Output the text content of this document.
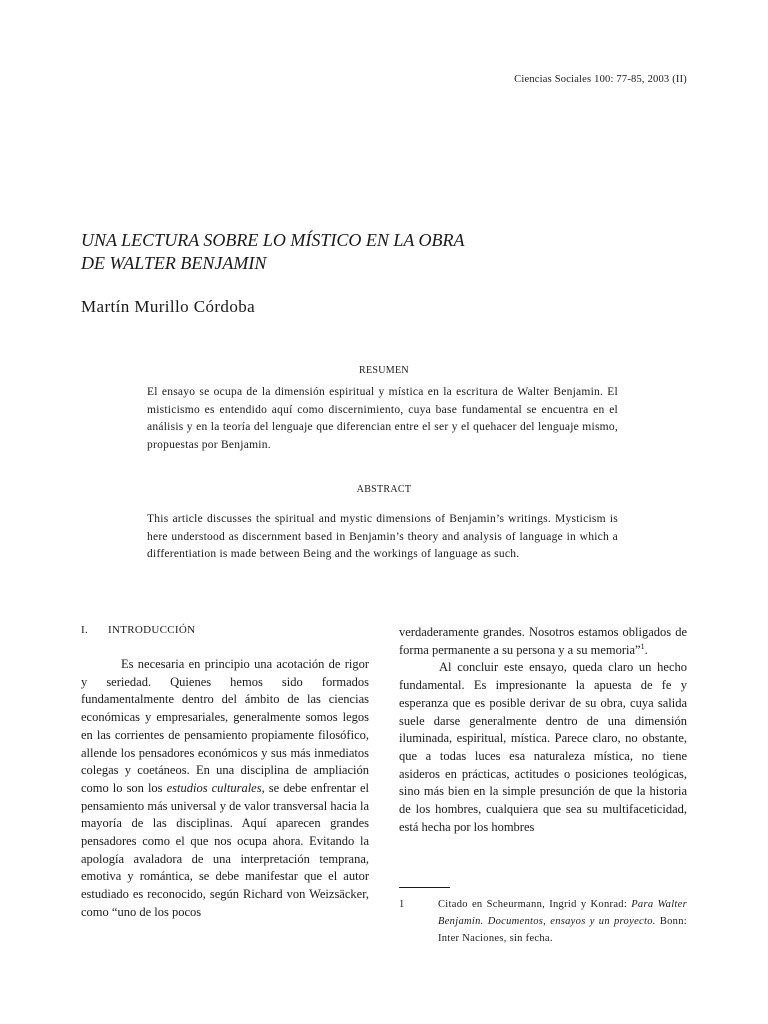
Ciencias Sociales 100: 77-85, 2003 (II)
UNA LECTURA SOBRE LO MÍSTICO EN LA OBRA
DE WALTER BENJAMIN
Martín Murillo Córdoba
RESUMEN
El ensayo se ocupa de la dimensión espiritual y mística en la escritura de Walter Benjamin. El misticismo es entendido aquí como discernimiento, cuya base fundamental se encuentra en el análisis y en la teoría del lenguaje que diferencian entre el ser y el quehacer del lenguaje mismo, propuestas por Benjamin.
ABSTRACT
This article discusses the spiritual and mystic dimensions of Benjamin’s writings. Mysticism is here understood as discernment based in Benjamin’s theory and analysis of language in which a differentiation is made between Being and the workings of language as such.
I. INTRODUCCIÓN

Es necesaria en principio una acotación de rigor y seriedad. Quienes hemos sido formados fundamentalmente dentro del ámbito de las ciencias económicas y empresariales, generalmente somos legos en las corrientes de pensamiento propiamente filosófico, allende los pensadores económicos y sus más inmediatos colegas y coetáneos. En una disciplina de ampliación como lo son los estudios culturales, se debe enfrentar el pensamiento más universal y de valor transversal hacia la mayoría de las disciplinas. Aquí aparecen grandes pensadores como el que nos ocupa ahora. Evitando la apología avaladora de una interpretación temprana, emotiva y romántica, se debe manifestar que el autor estudiado es reconocido, según Richard von Weizsäcker, como “uno de los pocos

verdaderamente grandes. Nosotros estamos obligados de forma permanente a su persona y a su memoria”$^1$.

Al concluir este ensayo, queda claro un hecho fundamental. Es impresionante la apuesta de fe y esperanza que es posible derivar de su obra, cuya salida suele darse generalmente dentro de una dimensión iluminada, espiritual, mística. Parece claro, no obstante, que a todas luces esa naturaleza mística, no tiene asideros en prácticas, actitudes o posiciones teológicas, sino más bien en la simple presunción de que la historia de los hombres, cualquiera que sea su multifaceticidad, está hecha por los hombres

1	Citado en Scheurmann, Ingrid y Konrad: Para Walter Benjamin. Documentos, ensayos y un proyecto. Bonn: Inter Naciones, sin fecha.
